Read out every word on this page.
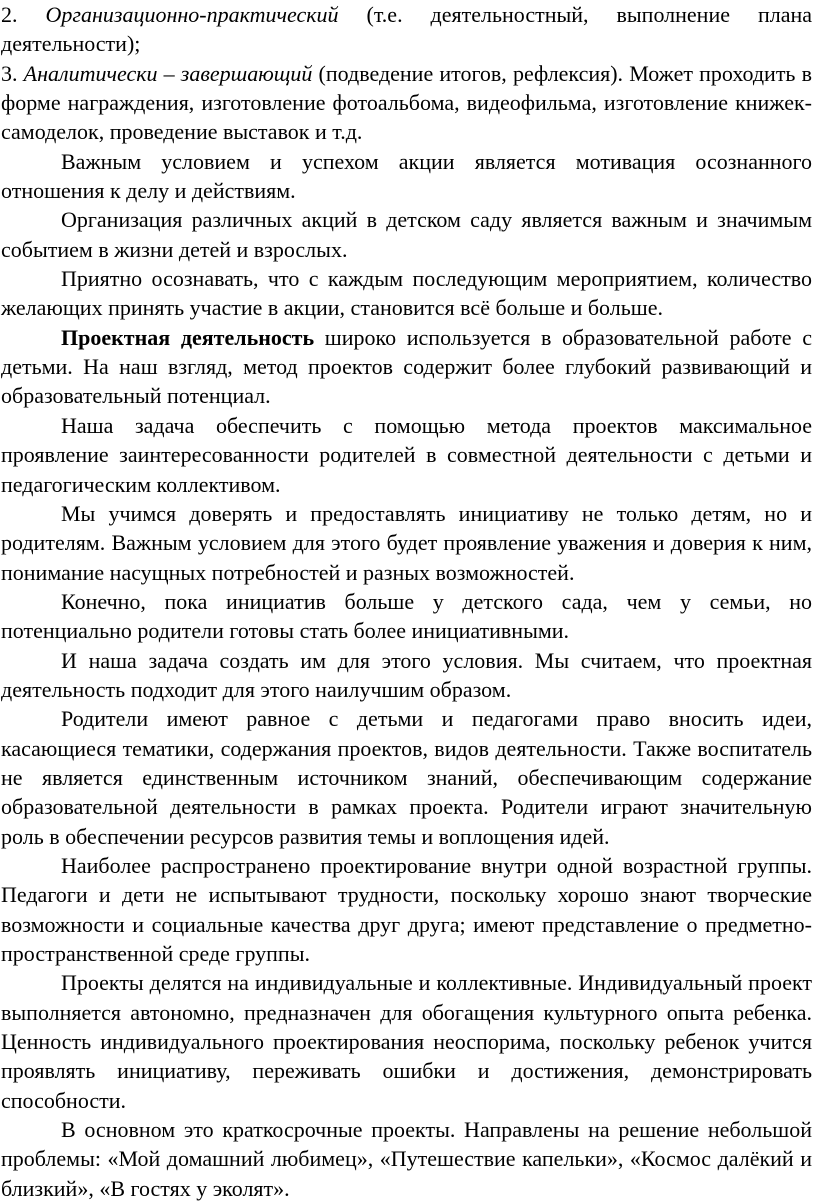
2. Организационно-практический (т.е. деятельностный, выполнение плана деятельности);

3. Аналитически – завершающий (подведение итогов, рефлексия). Может проходить в форме награждения, изготовление фотоальбома, видеофильма, изготовление книжек-самоделок, проведение выставок и т.д.

Важным условием и успехом акции является мотивация осознанного отношения к делу и действиям.

Организация различных акций в детском саду является важным и значимым событием в жизни детей и взрослых.

Приятно осознавать, что с каждым последующим мероприятием, количество желающих принять участие в акции, становится всё больше и больше.

Проектная деятельность широко используется в образовательной работе с детьми. На наш взгляд, метод проектов содержит более глубокий развивающий и образовательный потенциал.

Наша задача обеспечить с помощью метода проектов максимальное проявление заинтересованности родителей в совместной деятельности с детьми и педагогическим коллективом.

Мы учимся доверять и предоставлять инициативу не только детям, но и родителям. Важным условием для этого будет проявление уважения и доверия к ним, понимание насущных потребностей и разных возможностей.

Конечно, пока инициатив больше у детского сада, чем у семьи, но потенциально родители готовы стать более инициативными.

И наша задача создать им для этого условия. Мы считаем, что проектная деятельность подходит для этого наилучшим образом.

Родители имеют равное с детьми и педагогами право вносить идеи, касающиеся тематики, содержания проектов, видов деятельности. Также воспитатель не является единственным источником знаний, обеспечивающим содержание образовательной деятельности в рамках проекта. Родители играют значительную роль в обеспечении ресурсов развития темы и воплощения идей.

Наиболее распространено проектирование внутри одной возрастной группы. Педагоги и дети не испытывают трудности, поскольку хорошо знают творческие возможности и социальные качества друг друга; имеют представление о предметно-пространственной среде группы.

Проекты делятся на индивидуальные и коллективные. Индивидуальный проект выполняется автономно, предназначен для обогащения культурного опыта ребенка. Ценность индивидуального проектирования неоспорима, поскольку ребенок учится проявлять инициативу, переживать ошибки и достижения, демонстрировать способности.

В основном это краткосрочные проекты. Направлены на решение небольшой проблемы: «Мой домашний любимец», «Путешествие капельки», «Космос далёкий и близкий», «В гостях у эколят».
